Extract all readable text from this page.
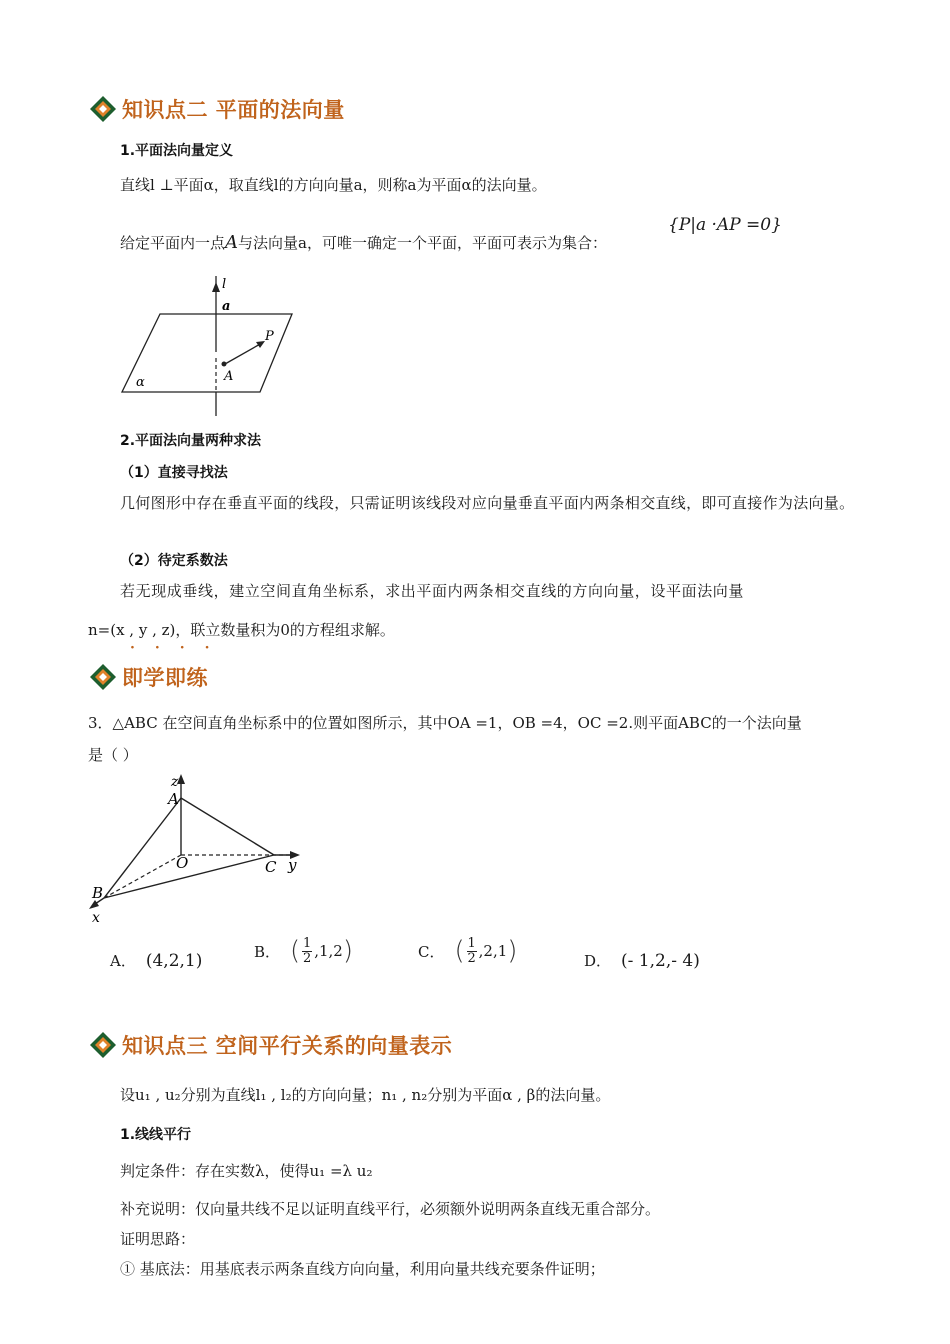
知识点二 平面的法向量
1.平面法向量定义
直线l ⊥平面α，取直线l的方向向量a，则称a为平面α的法向量。
给定平面内一点A与法向量a，可唯一确定一个平面，平面可表示为集合：
{P|a ·AP =0}
l
a
P
A
α
2.平面法向量两种求法
（1）直接寻找法
几何图形中存在垂直平面的线段，只需证明该线段对应向量垂直平面内两条相交直线，即可直接作为法向量。
（2）待定系数法
若无现成垂线，建立空间直角坐标系，求出平面内两条相交直线的方向向量，设平面法向量
n=(x , y , z)，联立数量积为0的方程组求解。
····
即学即练
3．△ABC 在空间直角坐标系中的位置如图所示，其中OA =1，OB =4，OC =2.则平面ABC的一个法向量
是（ ）
z
A
O	C y
B
x
A． (4,2,1)	B． ( $\frac{1}{2} ,1,2$ )	C． ( $\frac{1}{2} ,2,1$ )	D． (- 1,2,- 4)
知识点三 空间平行关系的向量表示
设u₁ , u₂分别为直线l₁ , l₂的方向向量；n₁ , n₂分别为平面α , β的法向量。
1.线线平行
判定条件：存在实数λ，使得u₁ =λ u₂
补充说明：仅向量共线不足以证明直线平行，必须额外说明两条直线无重合部分。
证明思路：
① 基底法：用基底表示两条直线方向向量，利用向量共线充要条件证明；
